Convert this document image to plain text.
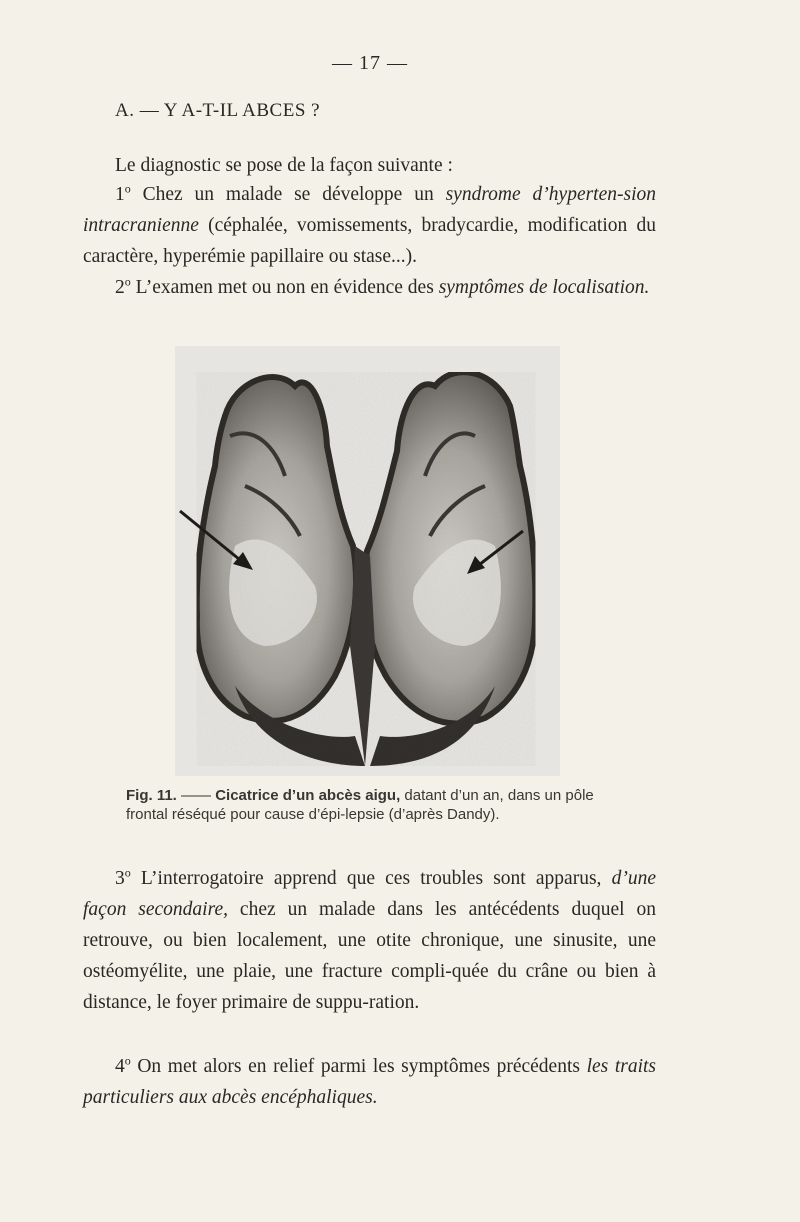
— 17 —
A. — Y A-T-IL ABCES ?

Le diagnostic se pose de la façon suivante :

1$^o$ Chez un malade se développe un syndrome d’hyperten-sion intracranienne (céphalée, vomissements, bradycardie, modification du caractère, hyperémie papillaire ou stase...).

2$^o$ L’examen met ou non en évidence des symptômes de localisation.

Fig. 11. —— Cicatrice d’un abcès aigu, datant d’un an, dans un pôle frontal réséqué pour cause d’épi-lepsie (d’après Dandy).

3$^o$ L’interrogatoire apprend que ces troubles sont apparus, d’une façon secondaire, chez un malade dans les antécédents duquel on retrouve, ou bien localement, une otite chronique, une sinusite, une ostéomyélite, une plaie, une fracture compli-quée du crâne ou bien à distance, le foyer primaire de suppu-ration.

4$^o$ On met alors en relief parmi les symptômes précédents les traits particuliers aux abcès encéphaliques.
